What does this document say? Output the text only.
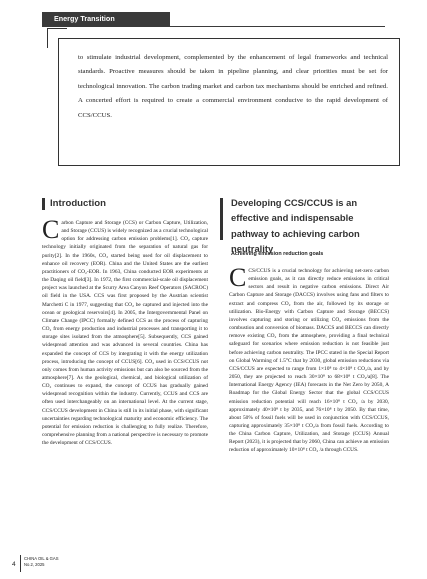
Energy Transition

to stimulate industrial development, complemented by the enhancement of legal frameworks and technical standards. Proactive measures should be taken in pipeline planning, and clear priorities must be set for technological innovation. The carbon trading market and carbon tax mechanisms should be enriched and refined. A concerted effort is required to create a commercial environment conducive to the rapid development of CCS/CCUS.

Introduction

Carbon Capture and Storage (CCS) or Carbon Capture, Utilization, and Storage (CCUS) is widely recognized as a crucial technological option for addressing carbon emission problems[1]. CO₂ capture technology initially originated from the separation of natural gas for purity[2]. In the 1960s, CO₂ started being used for oil displacement to enhance oil recovery (EOR). China and the United States are the earliest practitioners of CO₂-EOR. In 1963, China conducted EOR experiments at the Daqing oil field[3]. In 1972, the first commercial-scale oil displacement project was launched at the Scurry Area Canyon Reef Operators (SACROC) oil field in the USA. CCS was first proposed by the Austrian scientist Marchetti C in 1977, suggesting that CO₂ be captured and injected into the ocean or geological reservoirs[4]. In 2005, the Intergovernmental Panel on Climate Change (IPCC) formally defined CCS as the process of capturing CO₂ from energy production and industrial processes and transporting it to storage sites isolated from the atmosphere[5]. Subsequently, CCS gained widespread attention and was advanced in several countries. China has expanded the concept of CCS by integrating it with the energy utilization process, introducing the concept of CCUS[6]. CO₂ used in CCS/CCUS not only comes from human activity emissions but can also be sourced from the atmosphere[7]. As the geological, chemical, and biological utilization of CO₂ continues to expand, the concept of CCUS has gradually gained widespread recognition within the industry. Currently, CCUS and CCS are often used interchangeably on an international level. At the current stage, CCS/CCUS development in China is still in its initial phase, with significant uncertainties regarding technological maturity and economic efficiency. The potential for emission reduction is challenging to fully realize. Therefore, comprehensive planning from a national perspective is necessary to promote the development of CCS/CCUS.

Developing CCS/CCUS is an effective and indispensable pathway to achieving carbon neutrality

Achieving emission reduction goals

CCS/CCUS is a crucial technology for achieving net-zero carbon emission goals, as it can directly reduce emissions in critical sectors and result in negative carbon emissions. Direct Air Carbon Capture and Storage (DACCS) involves using fans and filters to extract and compress CO₂ from the air, followed by its storage or utilization. Bio-Energy with Carbon Capture and Storage (BECCS) involves capturing and storing or utilizing CO₂ emissions from the combustion and conversion of biomass. DACCS and BECCS can directly remove existing CO₂ from the atmosphere, providing a final technical safeguard for scenarios where emission reduction is not feasible just before achieving carbon neutrality. The IPCC stated in the Special Report on Global Warming of 1.5°C that by 2030, global emission reductions via CCS/CCUS are expected to range from 1×10⁸ to 4×10⁸ t CO₂/a, and by 2050, they are projected to reach 30×10⁸ to 68×10⁸ t CO₂/a[8]. The International Energy Agency (IEA) forecasts in the Net Zero by 2050, A Roadmap for the Global Energy Sector that the global CCS/CCUS emission reduction potential will reach 16×10⁸ t CO₂ /a by 2030, approximately 40×10⁸ t by 2035, and 76×10⁸ t by 2050. By that time, about 50% of fossil fuels will be used in conjunction with CCS/CCUS, capturing approximately 35×10⁸ t CO₂/a from fossil fuels. According to the China Carbon Capture, Utilization, and Storage (CCUS) Annual Report (2023), it is projected that by 2060, China can achieve an emission reduction of approximately 10×10⁸ t CO₂ /a through CCUS.

4
CHINA OIL & GAS
No.2, 2025
